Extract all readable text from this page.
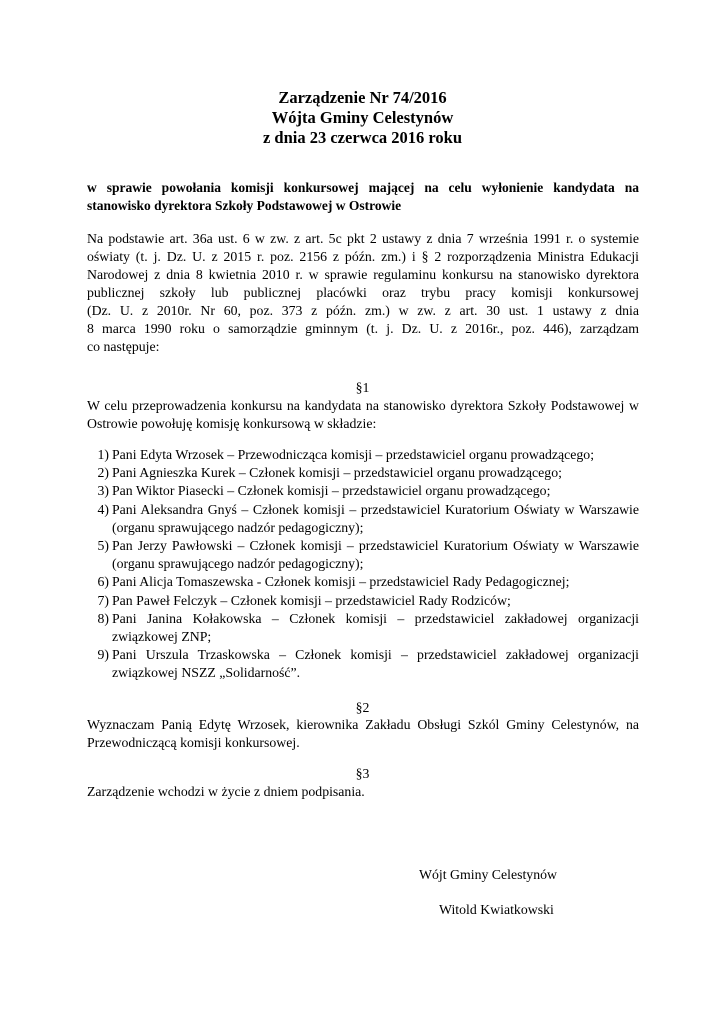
Zarządzenie Nr 74/2016
Wójta Gminy Celestynów
z dnia 23 czerwca 2016 roku
w sprawie powołania komisji konkursowej mającej na celu wyłonienie kandydata na stanowisko dyrektora Szkoły Podstawowej w Ostrowie
Na podstawie art. 36a ust. 6 w zw. z art. 5c pkt 2 ustawy z dnia 7 września 1991 r. o systemie
oświaty (t. j. Dz. U. z 2015 r. poz. 2156 z późn. zm.) i § 2 rozporządzenia Ministra Edukacji
Narodowej z dnia 8 kwietnia 2010 r. w sprawie regulaminu konkursu na stanowisko dyrektora
publicznej szkoły lub publicznej placówki oraz trybu pracy komisji konkursowej
(Dz. U. z 2010r. Nr 60, poz. 373 z późn. zm.) w zw. z art. 30 ust. 1 ustawy z dnia
8 marca 1990 roku o samorządzie gminnym (t. j. Dz. U. z 2016r., poz. 446), zarządzam
co następuje:
§1
W celu przeprowadzenia konkursu na kandydata na stanowisko dyrektora Szkoły Podstawowej w Ostrowie powołuję komisję konkursową w składzie:
1) Pani Edyta Wrzosek – Przewodnicząca komisji – przedstawiciel organu prowadzącego;
2) Pani Agnieszka Kurek – Członek komisji – przedstawiciel organu prowadzącego;
3) Pan Wiktor Piasecki – Członek komisji – przedstawiciel organu prowadzącego;
4) Pani Aleksandra Gnyś – Członek komisji – przedstawiciel Kuratorium Oświaty w Warszawie (organu sprawującego nadzór pedagogiczny);
5) Pan Jerzy Pawłowski – Członek komisji – przedstawiciel Kuratorium Oświaty w Warszawie (organu sprawującego nadzór pedagogiczny);
6) Pani Alicja Tomaszewska - Członek komisji – przedstawiciel Rady Pedagogicznej;
7) Pan Paweł Felczyk – Członek komisji – przedstawiciel Rady Rodziców;
8) Pani Janina Kołakowska – Członek komisji – przedstawiciel zakładowej organizacji związkowej ZNP;
9) Pani Urszula Trzaskowska – Członek komisji – przedstawiciel zakładowej organizacji związkowej NSZZ „Solidarność”.
§2
Wyznaczam Panią Edytę Wrzosek, kierownika Zakładu Obsługi Szkól Gminy Celestynów, na Przewodniczącą komisji konkursowej.
§3
Zarządzenie wchodzi w życie z dniem podpisania.
Wójt Gminy Celestynów
Witold Kwiatkowski
